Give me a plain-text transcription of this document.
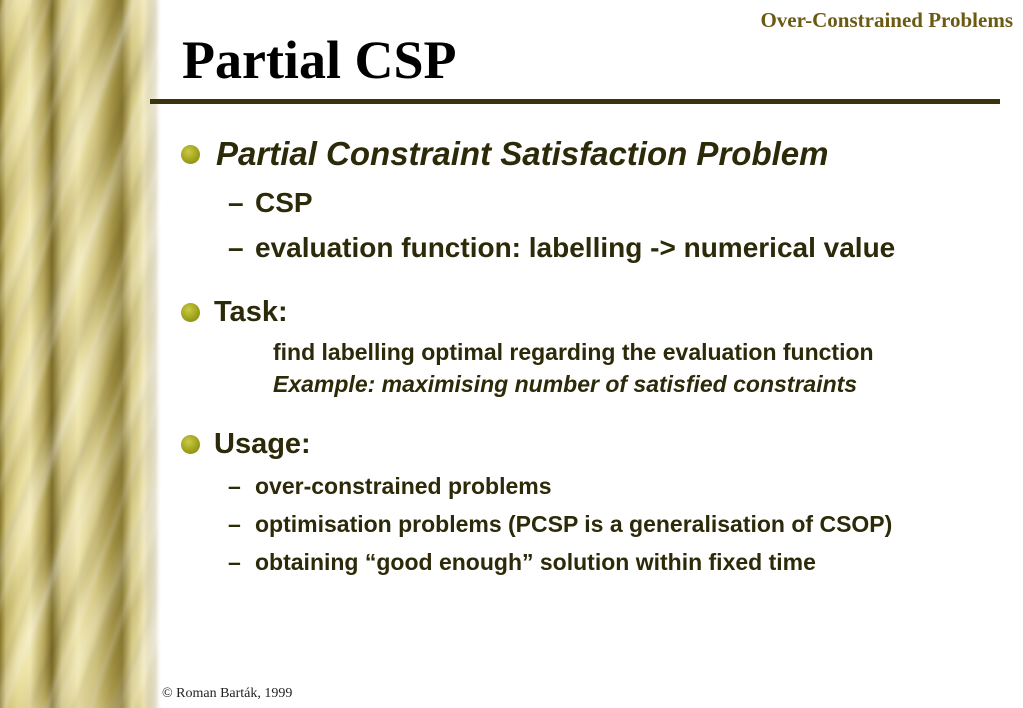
Over-Constrained Problems
Partial CSP
Partial Constraint Satisfaction Problem
– CSP
– evaluation function: labelling -> numerical value
Task:
find labelling optimal regarding the evaluation function
Example: maximising number of satisfied constraints
Usage:
– over-constrained problems
– optimisation problems (PCSP is a generalisation of CSOP)
– obtaining “good enough” solution within fixed time
© Roman Barták, 1999
